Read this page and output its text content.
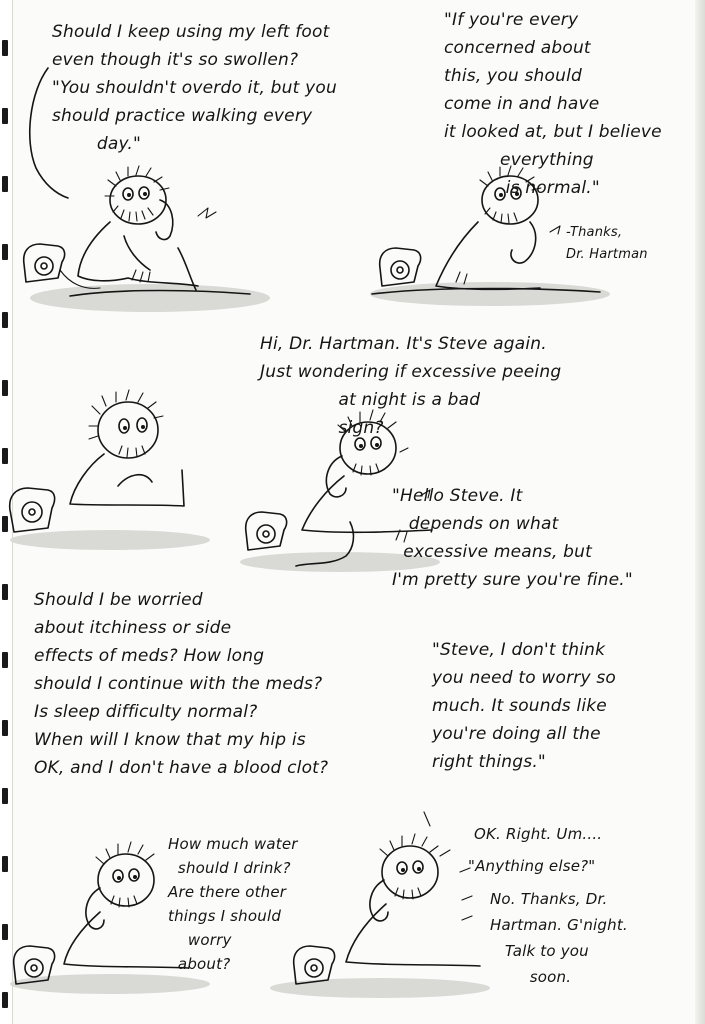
Should I keep using my left foot
even though it's so swollen?
"You shouldn't overdo it, but you
should practice walking every
day."
"If you're every
concerned about
this, you should
come in and have
it looked at, but I believe
everything
is normal."
-Thanks,
Dr. Hartman
Hi, Dr. Hartman. It's Steve again.
Just wondering if excessive peeing
at night is a bad
sign?
"Hello Steve. It
depends on what
excessive means, but
I'm pretty sure you're fine."
Should I be worried
about itchiness or side
effects of meds? How long
should I continue with the meds?
Is sleep difficulty normal?
When will I know that my hip is
OK, and I don't have a blood clot?
How much water
should I drink?
Are there other
things I should
worry
about?
"Steve, I don't think
you need to worry so
much. It sounds like
you're doing all the
right things."
OK. Right. Um....
"Anything else?"
No. Thanks, Dr.
Hartman. G'night.
Talk to you
soon.
